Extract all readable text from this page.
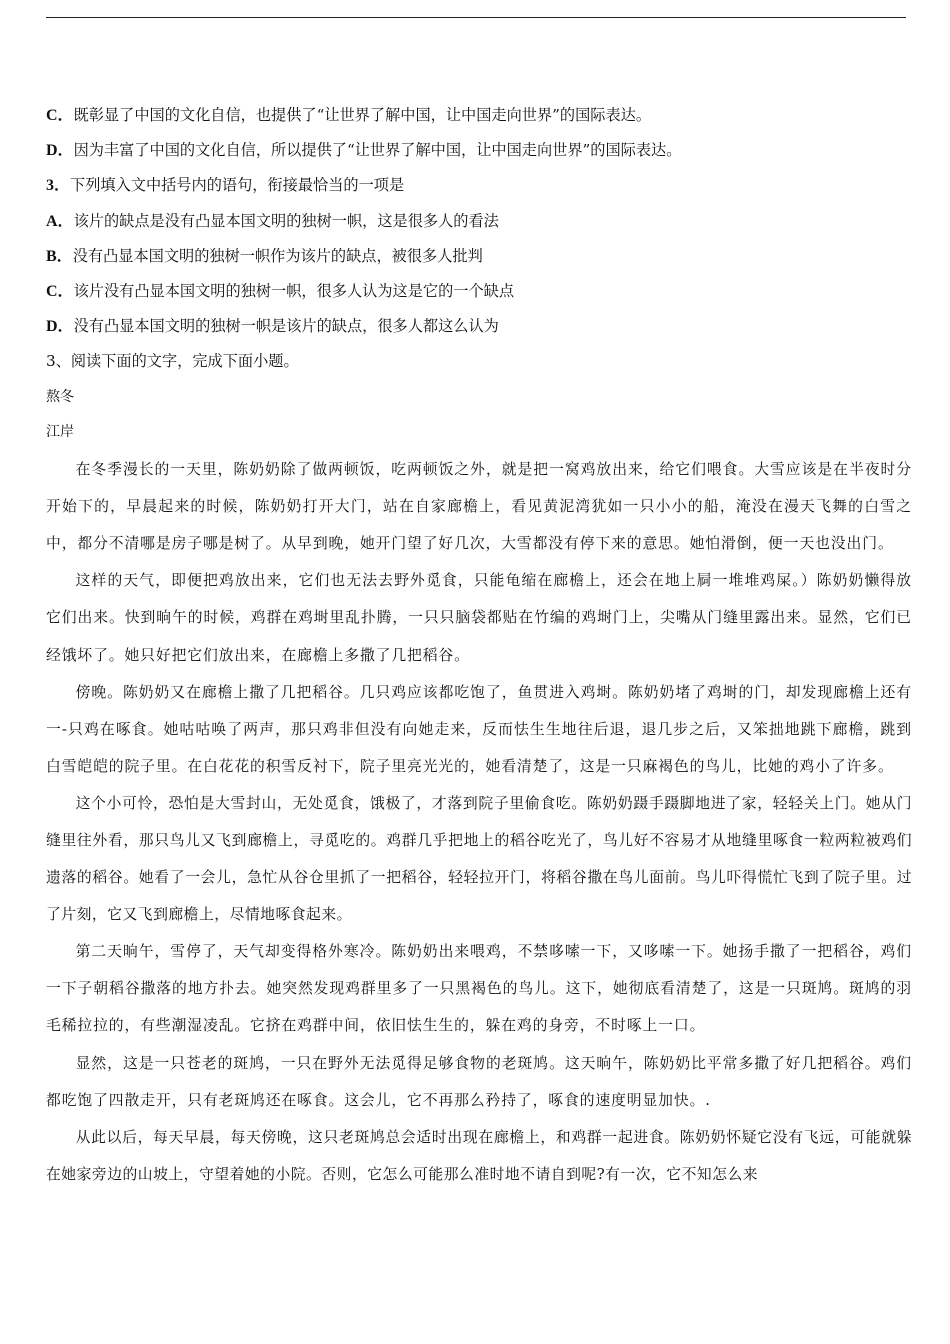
C．既彰显了中国的文化自信，也提供了“让世界了解中国，让中国走向世界”的国际表达。

D．因为丰富了中国的文化自信，所以提供了“让世界了解中国，让中国走向世界”的国际表达。

3．下列填入文中括号内的语句，衔接最恰当的一项是

A．该片的缺点是没有凸显本国文明的独树一帜，这是很多人的看法

B．没有凸显本国文明的独树一帜作为该片的缺点，被很多人批判

C．该片没有凸显本国文明的独树一帜，很多人认为这是它的一个缺点

D．没有凸显本国文明的独树一帜是该片的缺点，很多人都这么认为

3、阅读下面的文字，完成下面小题。

熬冬

江岸

在冬季漫长的一天里，陈奶奶除了做两顿饭，吃两顿饭之外，就是把一窝鸡放出来，给它们喂食。大雪应该是在半夜时分开始下的，早晨起来的时候，陈奶奶打开大门，站在自家廊檐上，看见黄泥湾犹如一只小小的船，淹没在漫天飞舞的白雪之中，都分不清哪是房子哪是树了。从早到晚，她开门望了好几次，大雪都没有停下来的意思。她怕滑倒，便一天也没出门。

这样的天气，即便把鸡放出来，它们也无法去野外觅食，只能龟缩在廊檐上，还会在地上屙一堆堆鸡屎。）陈奶奶懒得放它们出来。快到晌午的时候，鸡群在鸡埘里乱扑腾，一只只脑袋都贴在竹编的鸡埘门上，尖嘴从门缝里露出来。显然，它们已经饿坏了。她只好把它们放出来，在廊檐上多撒了几把稻谷。

傍晚。陈奶奶又在廊檐上撒了几把稻谷。几只鸡应该都吃饱了，鱼贯进入鸡埘。陈奶奶堵了鸡埘的门，却发现廊檐上还有一-只鸡在啄食。她咕咕唤了两声，那只鸡非但没有向她走来，反而怯生生地往后退，退几步之后，又笨拙地跳下廊檐，跳到白雪皑皑的院子里。在白花花的积雪反衬下，院子里亮光光的，她看清楚了，这是一只麻褐色的鸟儿，比她的鸡小了许多。

这个小可怜，恐怕是大雪封山，无处觅食，饿极了，才落到院子里偷食吃。陈奶奶蹑手蹑脚地进了家，轻轻关上门。她从门缝里往外看，那只鸟儿又飞到廊檐上，寻觅吃的。鸡群几乎把地上的稻谷吃光了，鸟儿好不容易才从地缝里啄食一粒两粒被鸡们遗落的稻谷。她看了一会儿，急忙从谷仓里抓了一把稻谷，轻轻拉开门，将稻谷撒在鸟儿面前。鸟儿吓得慌忙飞到了院子里。过了片刻，它又飞到廊檐上，尽情地啄食起来。

第二天晌午，雪停了，天气却变得格外寒冷。陈奶奶出来喂鸡，不禁哆嗦一下，又哆嗦一下。她扬手撒了一把稻谷，鸡们一下子朝稻谷撒落的地方扑去。她突然发现鸡群里多了一只黑褐色的鸟儿。这下，她彻底看清楚了，这是一只斑鸠。斑鸠的羽毛稀拉拉的，有些潮湿凌乱。它挤在鸡群中间，依旧怯生生的，躲在鸡的身旁，不时啄上一口。

显然，这是一只苍老的斑鸠，一只在野外无法觅得足够食物的老斑鸠。这天晌午，陈奶奶比平常多撒了好几把稻谷。鸡们都吃饱了四散走开，只有老斑鸠还在啄食。这会儿，它不再那么矜持了，啄食的速度明显加快。.

从此以后，每天早晨，每天傍晚，这只老斑鸠总会适时出现在廊檐上，和鸡群一起进食。陈奶奶怀疑它没有飞远，可能就躲在她家旁边的山坡上，守望着她的小院。否则，它怎么可能那么准时地不请自到呢?有一次，它不知怎么来
